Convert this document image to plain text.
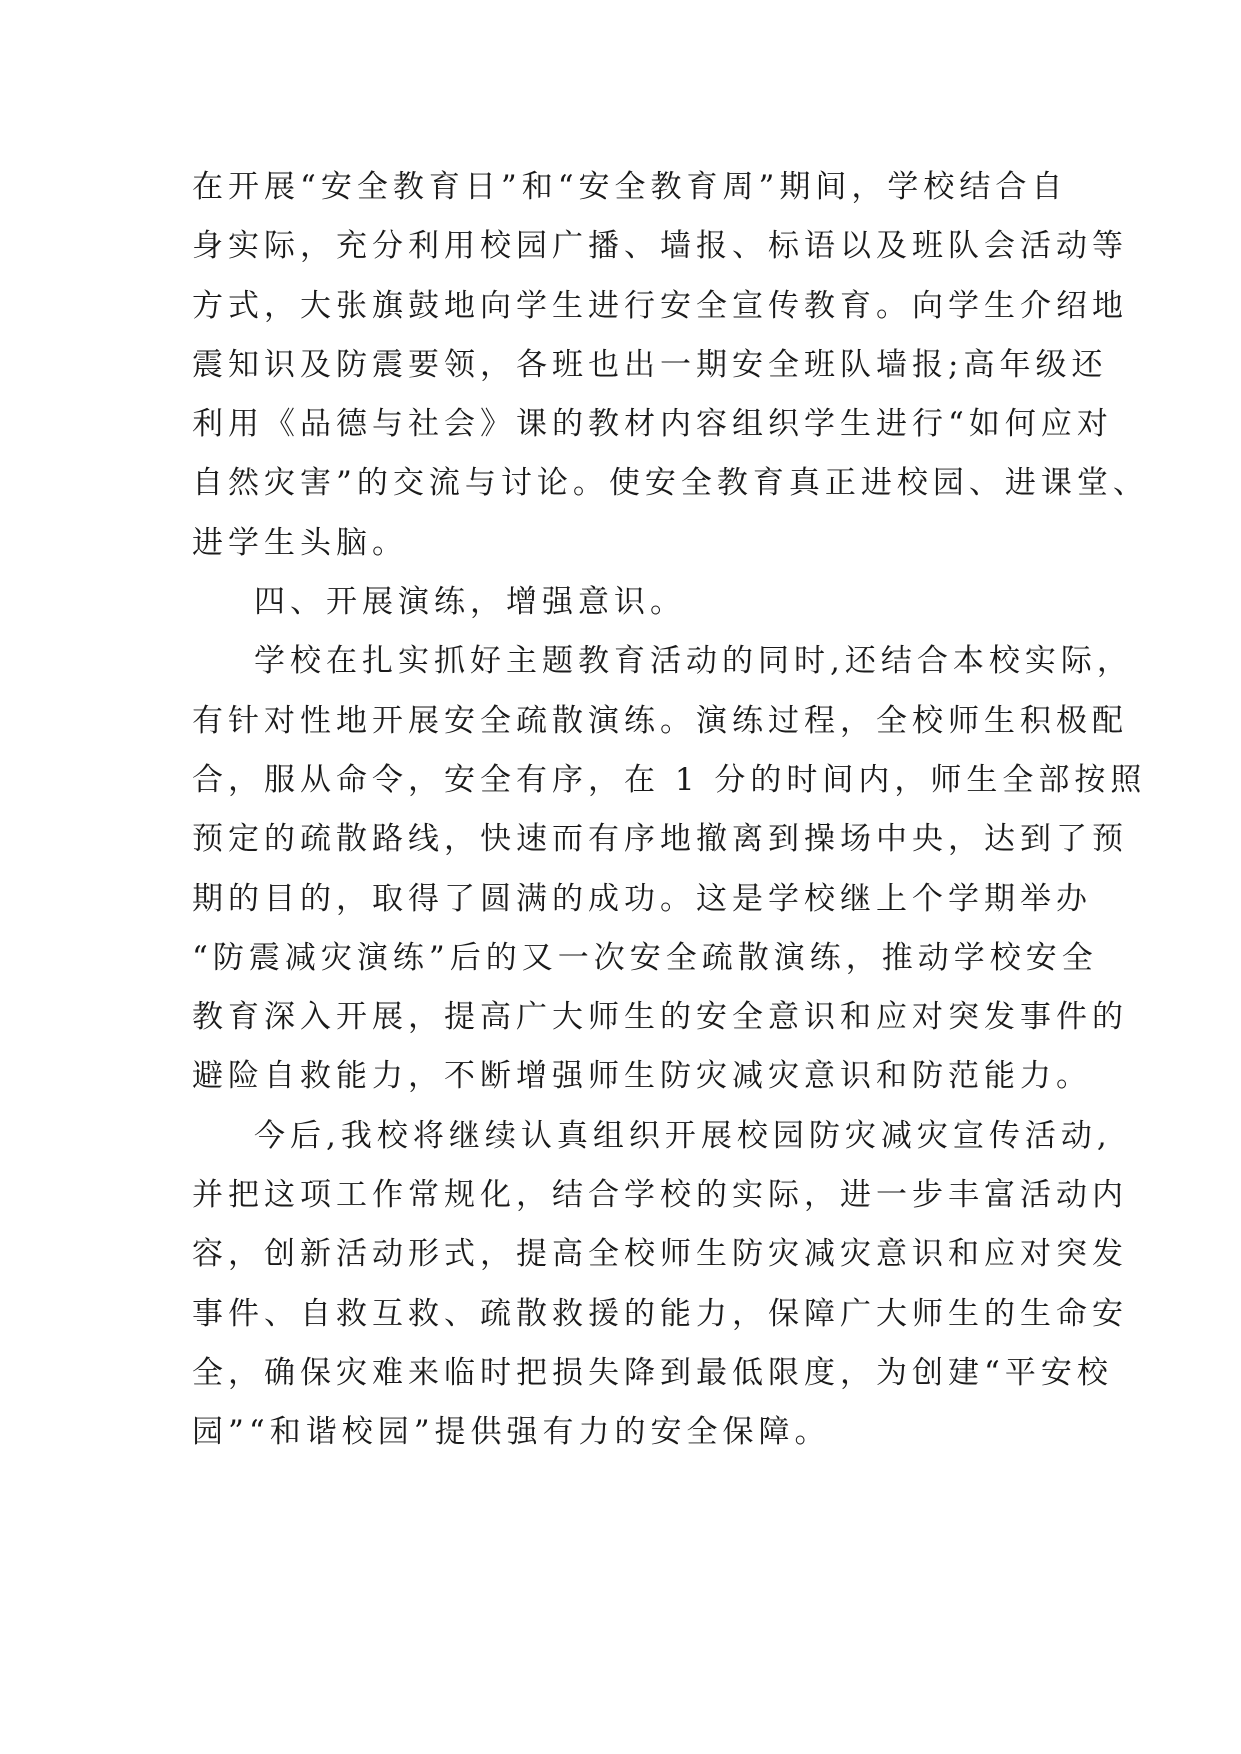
在开展“安全教育日”和“安全教育周”期间，学校结合自
身实际，充分利用校园广播、墙报、标语以及班队会活动等
方式，大张旗鼓地向学生进行安全宣传教育。向学生介绍地
震知识及防震要领，各班也出一期安全班队墙报;高年级还
利用《品德与社会》课的教材内容组织学生进行“如何应对
自然灾害”的交流与讨论。使安全教育真正进校园、进课堂、
进学生头脑。
四、开展演练，增强意识。
学校在扎实抓好主题教育活动的同时,还结合本校实际，
有针对性地开展安全疏散演练。演练过程，全校师生积极配
合，服从命令，安全有序，在 1 分的时间内，师生全部按照
预定的疏散路线，快速而有序地撤离到操场中央，达到了预
期的目的，取得了圆满的成功。这是学校继上个学期举办
“防震减灾演练”后的又一次安全疏散演练，推动学校安全
教育深入开展，提高广大师生的安全意识和应对突发事件的
避险自救能力，不断增强师生防灾减灾意识和防范能力。
今后,我校将继续认真组织开展校园防灾减灾宣传活动,
并把这项工作常规化，结合学校的实际，进一步丰富活动内
容，创新活动形式，提高全校师生防灾减灾意识和应对突发
事件、自救互救、疏散救援的能力，保障广大师生的生命安
全，确保灾难来临时把损失降到最低限度，为创建“平安校
园”“和谐校园”提供强有力的安全保障。
